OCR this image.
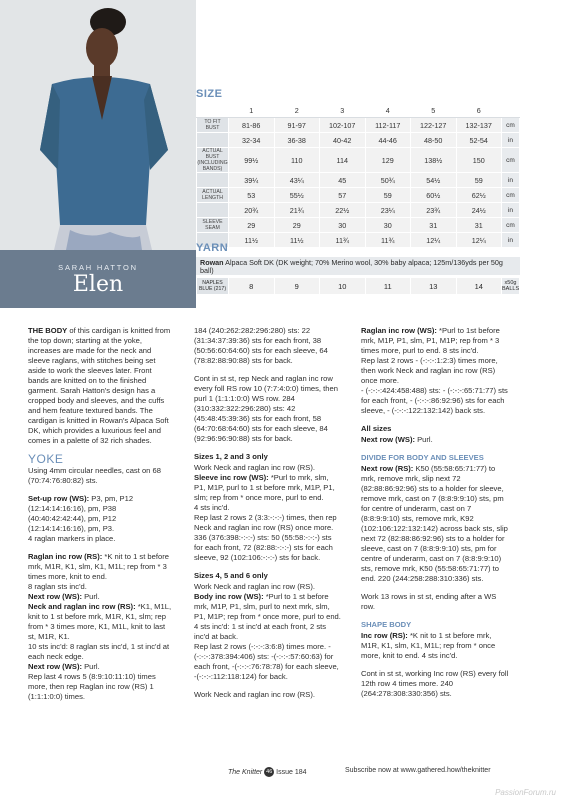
SARAH HATTON
Elen
SIZE
	1	2	3	4	5	6	
TO FIT BUST	81-86	91-97	102-107	112-117	122-127	132-137	cm
	32-34	36-38	40-42	44-46	48-50	52-54	in
ACTUAL BUST (INCLUDING BANDS)	99½	110	114	129	138½	150	cm
	39¼	43¼	45	50¾	54½	59	in
ACTUAL LENGTH	53	55½	57	59	60½	62½	cm
	20¾	21¾	22½	23¼	23¾	24½	in
SLEEVE SEAM	29	29	30	30	31	31	cm
	11½	11½	11¾	11¾	12¼	12¼	in
YARN
Rowan Alpaca Soft DK (DK weight; 70% Merino wool, 30% baby alpaca; 125m/136yds per 50g ball)
NAPLES BLUE (217)	8	9	10	11	13	14	x50g BALLS

THE BODY of this cardigan is knitted from the top down; starting at the yoke, increases are made for the neck and sleeve raglans, with stitches being set aside to work the sleeves later. Front bands are knitted on to the finished garment. Sarah Hatton's design has a cropped body and sleeves, and the cuffs and hem feature textured bands. The cardigan is knitted in Rowan's Alpaca Soft DK, which provides a luxurious feel and comes in a palette of 32 rich shades.

YOKE

Using 4mm circular needles, cast on 68 (70:74:76:80:82) sts.

Set-up row (WS): P3, pm, P12 (12:14:14:16:16), pm, P38 (40:40:42:42:44), pm, P12 (12:14:14:16:16), pm, P3.
4 raglan markers in place.

Raglan inc row (RS): *K nit to 1 st before mrk, M1R, K1, slm, K1, M1L; rep from * 3 times more, knit to end.
8 raglan sts inc'd.
Next row (WS): Purl.
Neck and raglan inc row (RS): *K1, M1L, knit to 1 st before mrk, M1R, K1, slm; rep from * 3 times more, K1, M1L, knit to last st, M1R, K1.
10 sts inc'd: 8 raglan sts inc'd, 1 st inc'd at each neck edge.
Next row (WS): Purl.
Rep last 4 rows 5 (8:9:10:11:10) times more, then rep Raglan inc row (RS) 1 (1:1:1:0:0) times.

184 (240:262:282:296:280) sts: 22 (31:34:37:39:36) sts for each front, 38 (50:56:60:64:60) sts for each sleeve, 64 (78:82:88:90:88) sts for back.

Cont in st st, rep Neck and raglan inc row every foll RS row 10 (7:7:4:0:0) times, then purl 1 (1:1:1:0:0) WS row. 284 (310:332:322:296:280) sts: 42 (45:48:45:39:36) sts for each front, 58 (64:70:68:64:60) sts for each sleeve, 84 (92:96:96:90:88) sts for back.

Sizes 1, 2 and 3 only

Work Neck and raglan inc row (RS).
Sleeve inc row (WS): *Purl to mrk, slm, P1, M1P, purl to 1 st before mrk, M1P, P1, slm; rep from * once more, purl to end.
4 sts inc'd.
Rep last 2 rows 2 (3:3:-:-:-) times, then rep Neck and raglan inc row (RS) once more. 336 (376:398:-:-:-) sts: 50 (55:58:-:-:-) sts for each front, 72 (82:88:-:-:-) sts for each sleeve, 92 (102:106:-:-:-) sts for back.

Sizes 4, 5 and 6 only

Work Neck and raglan inc row (RS).
Body inc row (WS): *Purl to 1 st before mrk, M1P, P1, slm, purl to next mrk, slm, P1, M1P; rep from * once more, purl to end.
4 sts inc'd: 1 st inc'd at each front, 2 sts inc'd at back.
Rep last 2 rows (-:-:-:3:6:8) times more. -(-:-:-:378:394:406) sts: -(-:-:-:57:60:63) for each front, -(-:-:-:76:78:78) for each sleeve, -(-:-:-:112:118:124) for back.

Work Neck and raglan inc row (RS).

Raglan inc row (WS): *Purl to 1st before mrk, M1P, P1, slm, P1, M1P; rep from * 3 times more, purl to end. 8 sts inc'd.
Rep last 2 rows - (-:-:-:1:2:3) times more, then work Neck and raglan inc row (RS) once more.
- (-:-:-:424:458:488) sts: - (-:-:-:65:71:77) sts for each front, - (-:-:-:86:92:96) sts for each sleeve, - (-:-:-:122:132:142) back sts.

All sizes

Next row (WS): Purl.

DIVIDE FOR BODY AND SLEEVES

Next row (RS): K50 (55:58:65:71:77) to mrk, remove mrk, slip next 72 (82:88:86:92:96) sts to a holder for sleeve, remove mrk, cast on 7 (8:8:9:9:10) sts, pm for centre of underarm, cast on 7 (8:8:9:9:10) sts, remove mrk, K92 (102:106:122:132:142) across back sts, slip next 72 (82:88:86:92:96) sts to a holder for sleeve, cast on 7 (8:8:9:9:10) sts, pm for centre of underarm, cast on 7 (8:8:9:9:10) sts, remove mrk, K50 (55:58:65:71:77) to end. 220 (244:258:288:310:336) sts.

Work 13 rows in st st, ending after a WS row.

SHAPE BODY

Inc row (RS): *K nit to 1 st before mrk, M1R, K1, slm, K1, M1L; rep from * once more, knit to end. 4 sts inc'd.

Cont in st st, working Inc row (RS) every foll 12th row 4 times more. 240 (264:278:308:330:356) sts.

The Knitter 46 Issue 184	Subscribe now at www.gathered.how/theknitter
PassionForum.ru
